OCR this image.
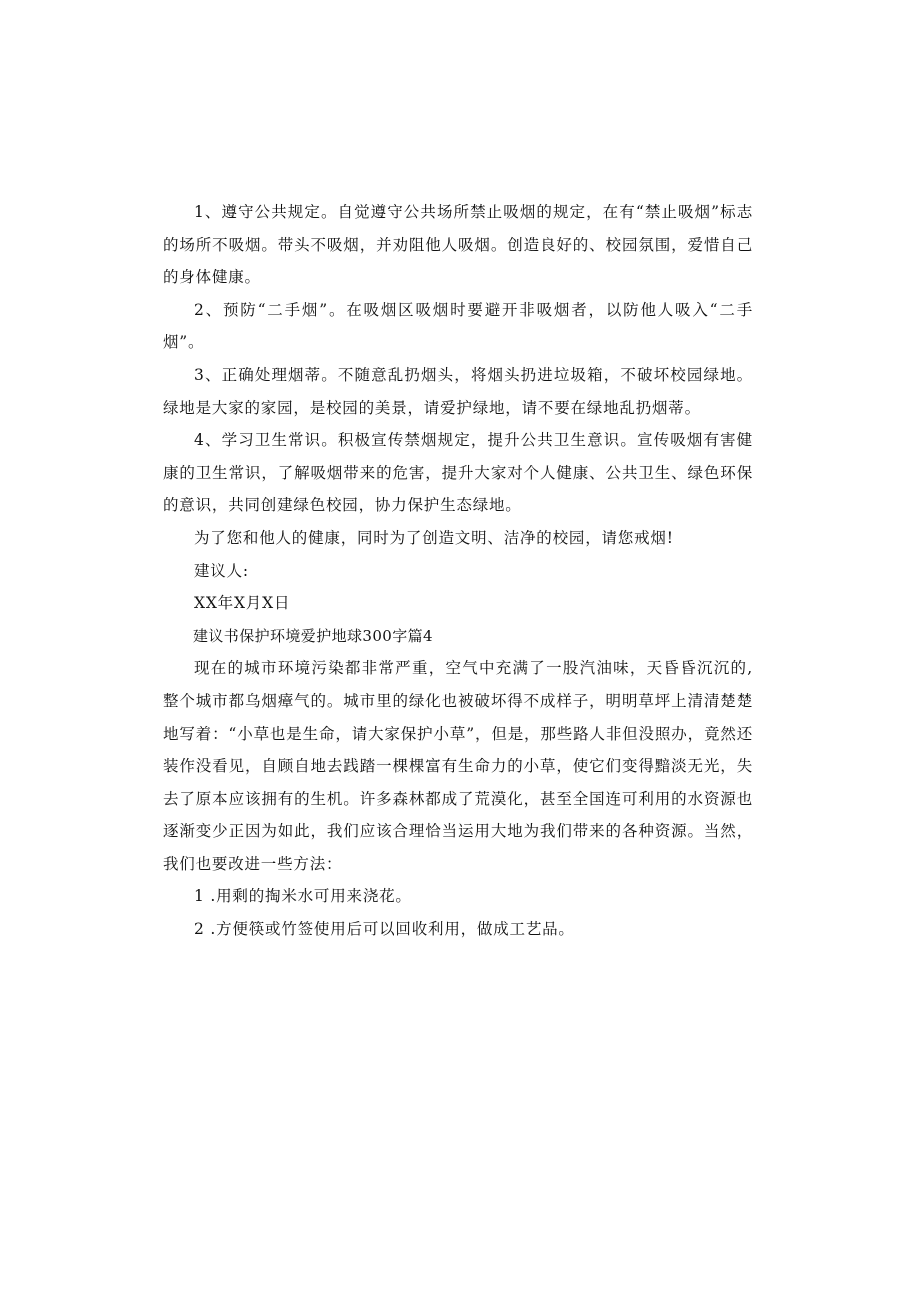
1、遵守公共规定。自觉遵守公共场所禁止吸烟的规定，在有“禁止吸烟”标志的场所不吸烟。带头不吸烟，并劝阻他人吸烟。创造良好的、校园氛围，爱惜自己的身体健康。

2、预防“二手烟”。在吸烟区吸烟时要避开非吸烟者，以防他人吸入“二手烟”。

3、正确处理烟蒂。不随意乱扔烟头，将烟头扔进垃圾箱，不破坏校园绿地。绿地是大家的家园，是校园的美景，请爱护绿地，请不要在绿地乱扔烟蒂。

4、学习卫生常识。积极宣传禁烟规定，提升公共卫生意识。宣传吸烟有害健康的卫生常识，了解吸烟带来的危害，提升大家对个人健康、公共卫生、绿色环保的意识，共同创建绿色校园，协力保护生态绿地。

为了您和他人的健康，同时为了创造文明、洁净的校园，请您戒烟!

建议人:

XX年X月X日

建议书保护环境爱护地球300字篇4

现在的城市环境污染都非常严重，空气中充满了一股汽油味，天昏昏沉沉的,整个城市都乌烟瘴气的。城市里的绿化也被破坏得不成样子，明明草坪上清清楚楚地写着：“小草也是生命，请大家保护小草”，但是，那些路人非但没照办，竟然还装作没看见，自顾自地去践踏一棵棵富有生命力的小草，使它们变得黯淡无光，失去了原本应该拥有的生机。许多森林都成了荒漠化，甚至全国连可利用的水资源也逐渐变少正因为如此，我们应该合理恰当运用大地为我们带来的各种资源。当然，我们也要改进一些方法：

1 .用剩的掏米水可用来浇花。

2 .方便筷或竹签使用后可以回收利用，做成工艺品。
